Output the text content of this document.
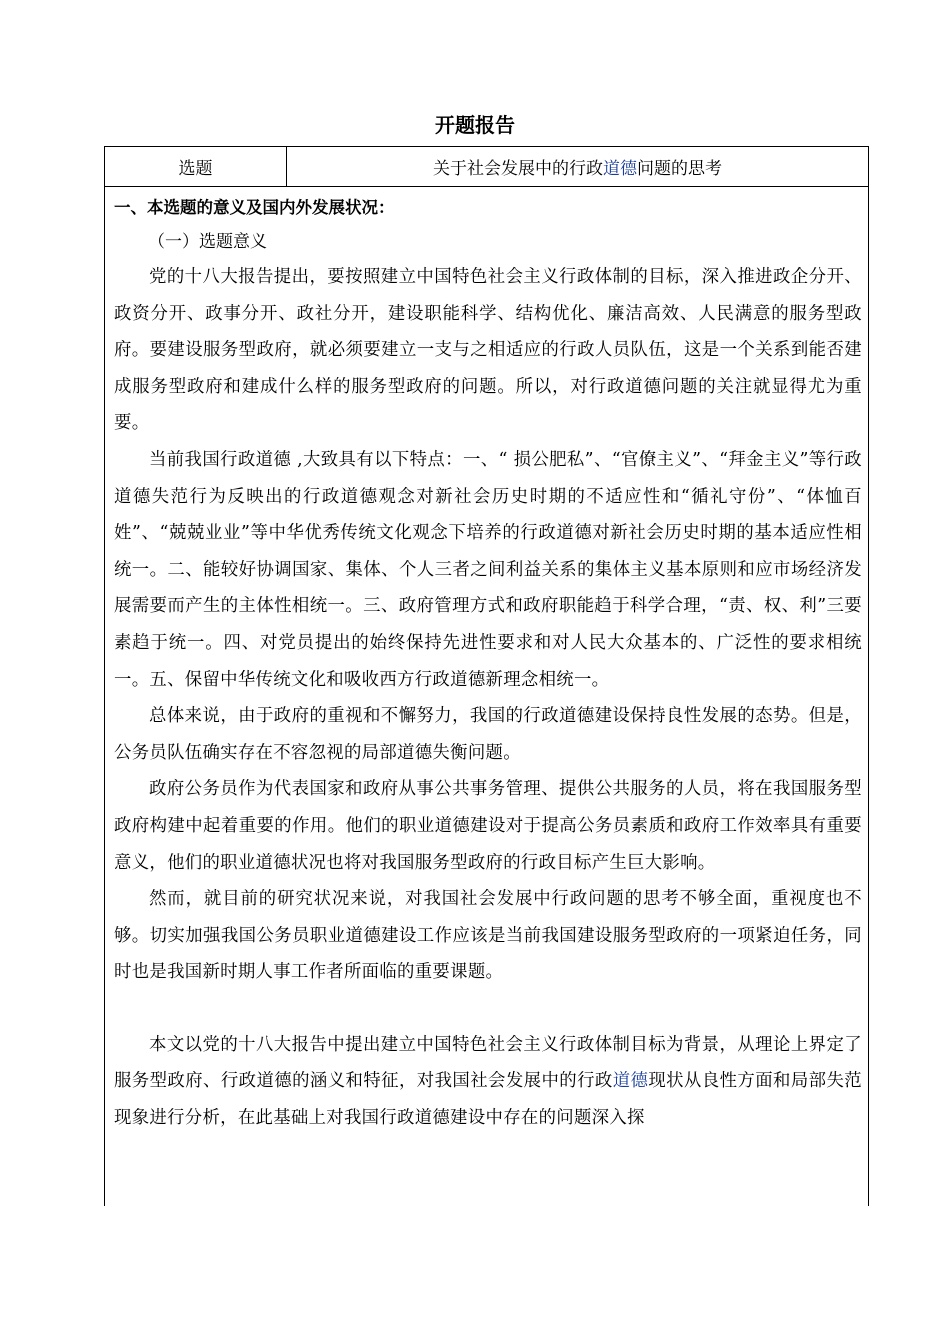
开题报告
选题	关于社会发展中的行政 道德 问题的思考

一、本选题的意义及国内外发展状况：

（一）选题意义

党的十八大报告提出，要按照建立中国特色社会主义行政体制的目标，深入推进政企分开、政资分开、政事分开、政社分开，建设职能科学、结构优化、廉洁高效、人民满意的服务型政府。要建设服务型政府，就必须要建立一支与之相适应的行政人员队伍，这是一个关系到能否建成服务型政府和建成什么样的服务型政府的问题。所以，对行政道德问题的关注就显得尤为重要。

当前我国行政道德 ,大致具有以下特点：一、“ 损公肥私”、“官僚主义”、“拜金主义”等行政道德失范行为反映出的行政道德观念对新社会历史时期的不适应性和“循礼守份”、“体恤百姓”、“兢兢业业”等中华优秀传统文化观念下培养的行政道德对新社会历史时期的基本适应性相统一。二、能较好协调国家、集体、个人三者之间利益关系的集体主义基本原则和应市场经济发展需要而产生的主体性相统一。三、政府管理方式和政府职能趋于科学合理，“责、权、利”三要素趋于统一。四、对党员提出的始终保持先进性要求和对人民大众基本的、广泛性的要求相统一。五、保留中华传统文化和吸收西方行政道德新理念相统一。

总体来说，由于政府的重视和不懈努力，我国的行政道德建设保持良性发展的态势。但是，公务员队伍确实存在不容忽视的局部道德失衡问题。

政府公务员作为代表国家和政府从事公共事务管理、提供公共服务的人员，将在我国服务型政府构建中起着重要的作用。他们的职业道德建设对于提高公务员素质和政府工作效率具有重要意义，他们的职业道德状况也将对我国服务型政府的行政目标产生巨大影响。

然而，就目前的研究状况来说，对我国社会发展中行政问题的思考不够全面，重视度也不够。切实加强我国公务员职业道德建设工作应该是当前我国建设服务型政府的一项紧迫任务，同时也是我国新时期人事工作者所面临的重要课题。

本文以党的十八大报告中提出建立中国特色社会主义行政体制目标为背景，从理论上界定了服务型政府、行政道德的涵义和特征，对我国社会发展中的行政道德现状从良性方面和局部失范现象进行分析，在此基础上对我国行政道德建设中存在的问题深入探
